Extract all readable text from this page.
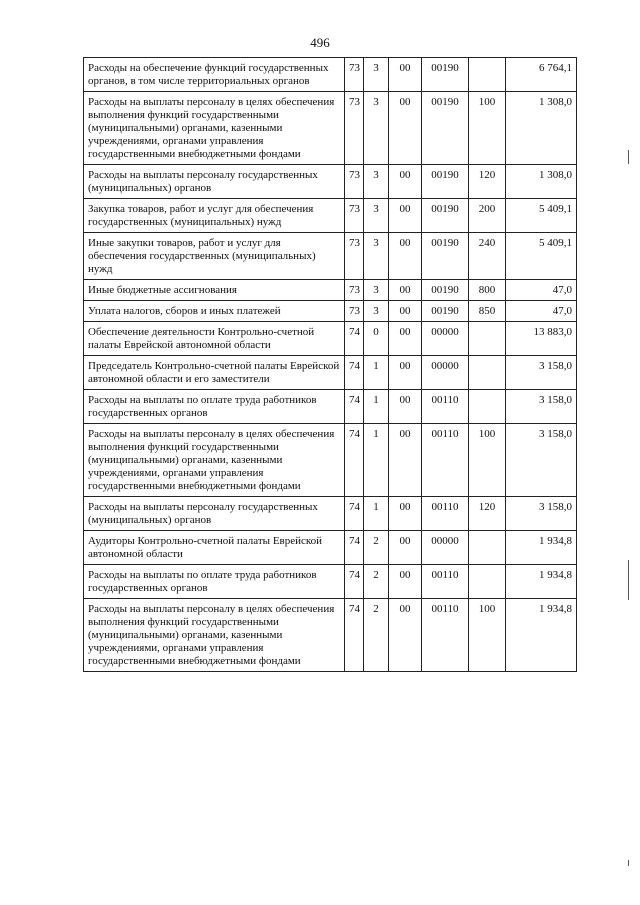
496
Расходы на обеспечение функций государственных органов, в том числе территориальных органов	73	3	00	00190		6 764,1
Расходы на выплаты персоналу в целях обеспечения выполнения функций государственными (муниципальными) органами, казенными учреждениями, органами управления государственными внебюджетными фондами	73	3	00	00190	100	1 308,0
Расходы на выплаты персоналу государственных (муниципальных) органов	73	3	00	00190	120	1 308,0
Закупка товаров, работ и услуг для обеспечения государственных (муниципальных) нужд	73	3	00	00190	200	5 409,1
Иные закупки товаров, работ и услуг для обеспечения государственных (муниципальных) нужд	73	3	00	00190	240	5 409,1
Иные бюджетные ассигнования	73	3	00	00190	800	47,0
Уплата налогов, сборов и иных платежей	73	3	00	00190	850	47,0
Обеспечение деятельности Контрольно-счетной палаты Еврейской автономной области	74	0	00	00000		13 883,0
Председатель Контрольно-счетной палаты Еврейской автономной области и его заместители	74	1	00	00000		3 158,0
Расходы на выплаты по оплате труда работников государственных органов	74	1	00	00110		3 158,0
Расходы на выплаты персоналу в целях обеспечения выполнения функций государственными (муниципальными) органами, казенными учреждениями, органами управления государственными внебюджетными фондами	74	1	00	00110	100	3 158,0
Расходы на выплаты персоналу государственных (муниципальных) органов	74	1	00	00110	120	3 158,0
Аудиторы Контрольно-счетной палаты Еврейской автономной области	74	2	00	00000		1 934,8
Расходы на выплаты по оплате труда работников государственных органов	74	2	00	00110		1 934,8
Расходы на выплаты персоналу в целях обеспечения выполнения функций государственными (муниципальными) органами, казенными учреждениями, органами управления государственными внебюджетными фондами	74	2	00	00110	100	1 934,8
